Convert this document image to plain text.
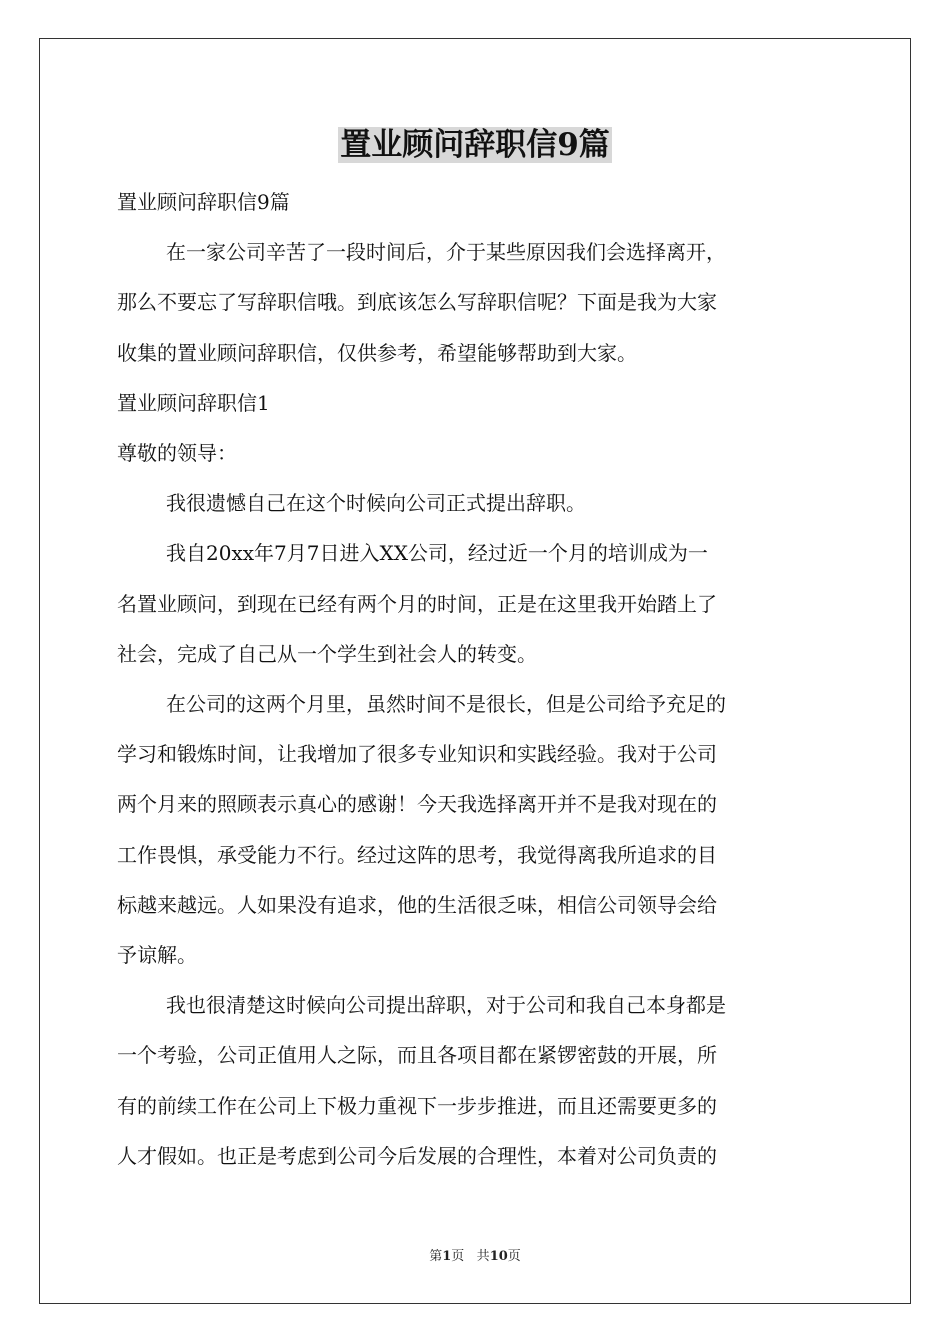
置业顾问辞职信9篇

置业顾问辞职信9篇

在一家公司辛苦了一段时间后，介于某些原因我们会选择离开，

那么不要忘了写辞职信哦。到底该怎么写辞职信呢？下面是我为大家

收集的置业顾问辞职信，仅供参考，希望能够帮助到大家。

置业顾问辞职信1

尊敬的领导：

我很遗憾自己在这个时候向公司正式提出辞职。

我自20xx年7月7日进入XX公司，经过近一个月的培训成为一

名置业顾问，到现在已经有两个月的时间，正是在这里我开始踏上了

社会，完成了自己从一个学生到社会人的转变。

在公司的这两个月里，虽然时间不是很长，但是公司给予充足的

学习和锻炼时间，让我增加了很多专业知识和实践经验。我对于公司

两个月来的照顾表示真心的感谢！今天我选择离开并不是我对现在的

工作畏惧，承受能力不行。经过这阵的思考，我觉得离我所追求的目

标越来越远。人如果没有追求，他的生活很乏味，相信公司领导会给

予谅解。

我也很清楚这时候向公司提出辞职，对于公司和我自己本身都是

一个考验，公司正值用人之际，而且各项目都在紧锣密鼓的开展，所

有的前续工作在公司上下极力重视下一步步推进，而且还需要更多的

人才假如。也正是考虑到公司今后发展的合理性，本着对公司负责的

第1页 共10页
